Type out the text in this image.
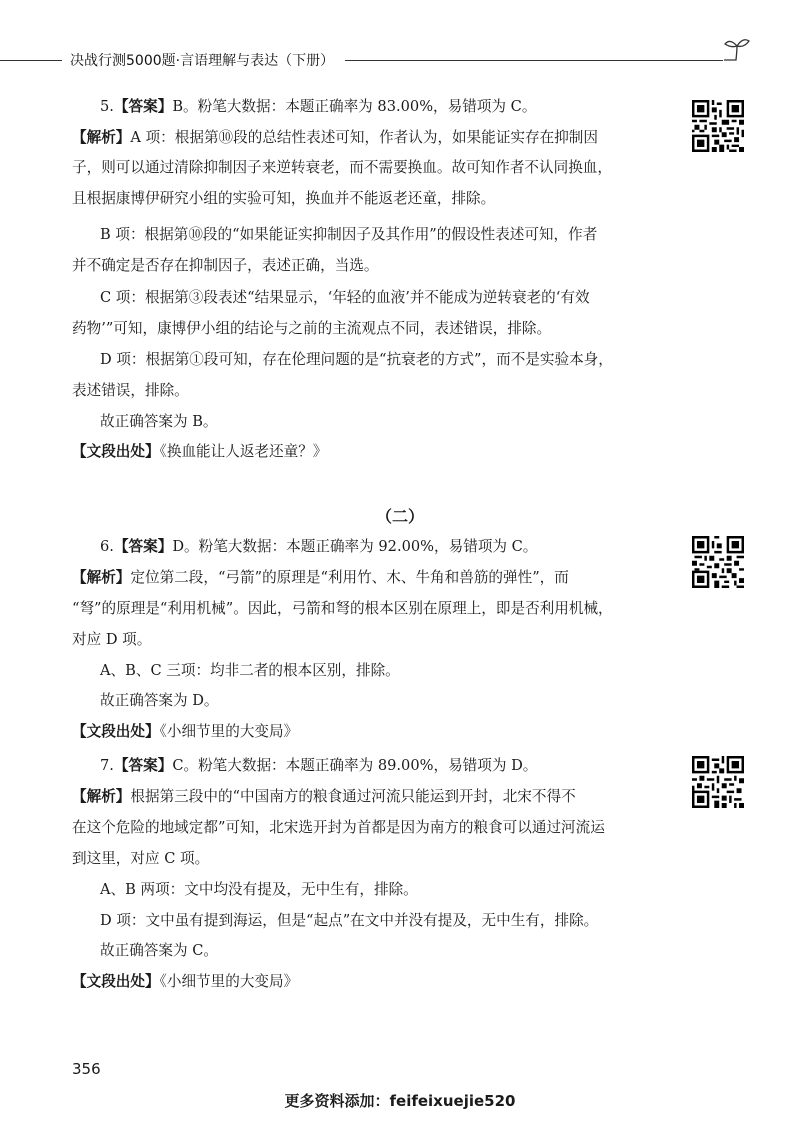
决战行测5000题·言语理解与表达（下册）
5.【答案】B。粉笔大数据：本题正确率为 83.00%，易错项为 C。
【解析】A 项：根据第⑩段的总结性表述可知，作者认为，如果能证实存在抑制因
子，则可以通过清除抑制因子来逆转衰老，而不需要换血。故可知作者不认同换血，
且根据康博伊研究小组的实验可知，换血并不能返老还童，排除。
B 项：根据第⑩段的“如果能证实抑制因子及其作用”的假设性表述可知，作者
并不确定是否存在抑制因子，表述正确，当选。
C 项：根据第③段表述“结果显示，‘年轻的血液’并不能成为逆转衰老的‘有效
药物’”可知，康博伊小组的结论与之前的主流观点不同，表述错误，排除。
D 项：根据第①段可知，存在伦理问题的是“抗衰老的方式”，而不是实验本身，
表述错误，排除。
故正确答案为 B。
【文段出处】《换血能让人返老还童？》
（二）
6.【答案】D。粉笔大数据：本题正确率为 92.00%，易错项为 C。
【解析】定位第二段，“弓箭”的原理是“利用竹、木、牛角和兽筋的弹性”，而
“弩”的原理是“利用机械”。因此，弓箭和弩的根本区别在原理上，即是否利用机械，
对应 D 项。
A、B、C 三项：均非二者的根本区别，排除。
故正确答案为 D。
【文段出处】《小细节里的大变局》
7.【答案】C。粉笔大数据：本题正确率为 89.00%，易错项为 D。
【解析】根据第三段中的“中国南方的粮食通过河流只能运到开封，北宋不得不
在这个危险的地域定都”可知，北宋选开封为首都是因为南方的粮食可以通过河流运
到这里，对应 C 项。
A、B 两项：文中均没有提及，无中生有，排除。
D 项：文中虽有提到海运，但是“起点”在文中并没有提及，无中生有，排除。
故正确答案为 C。
【文段出处】《小细节里的大变局》
356
更多资料添加：feifeixuejie520
